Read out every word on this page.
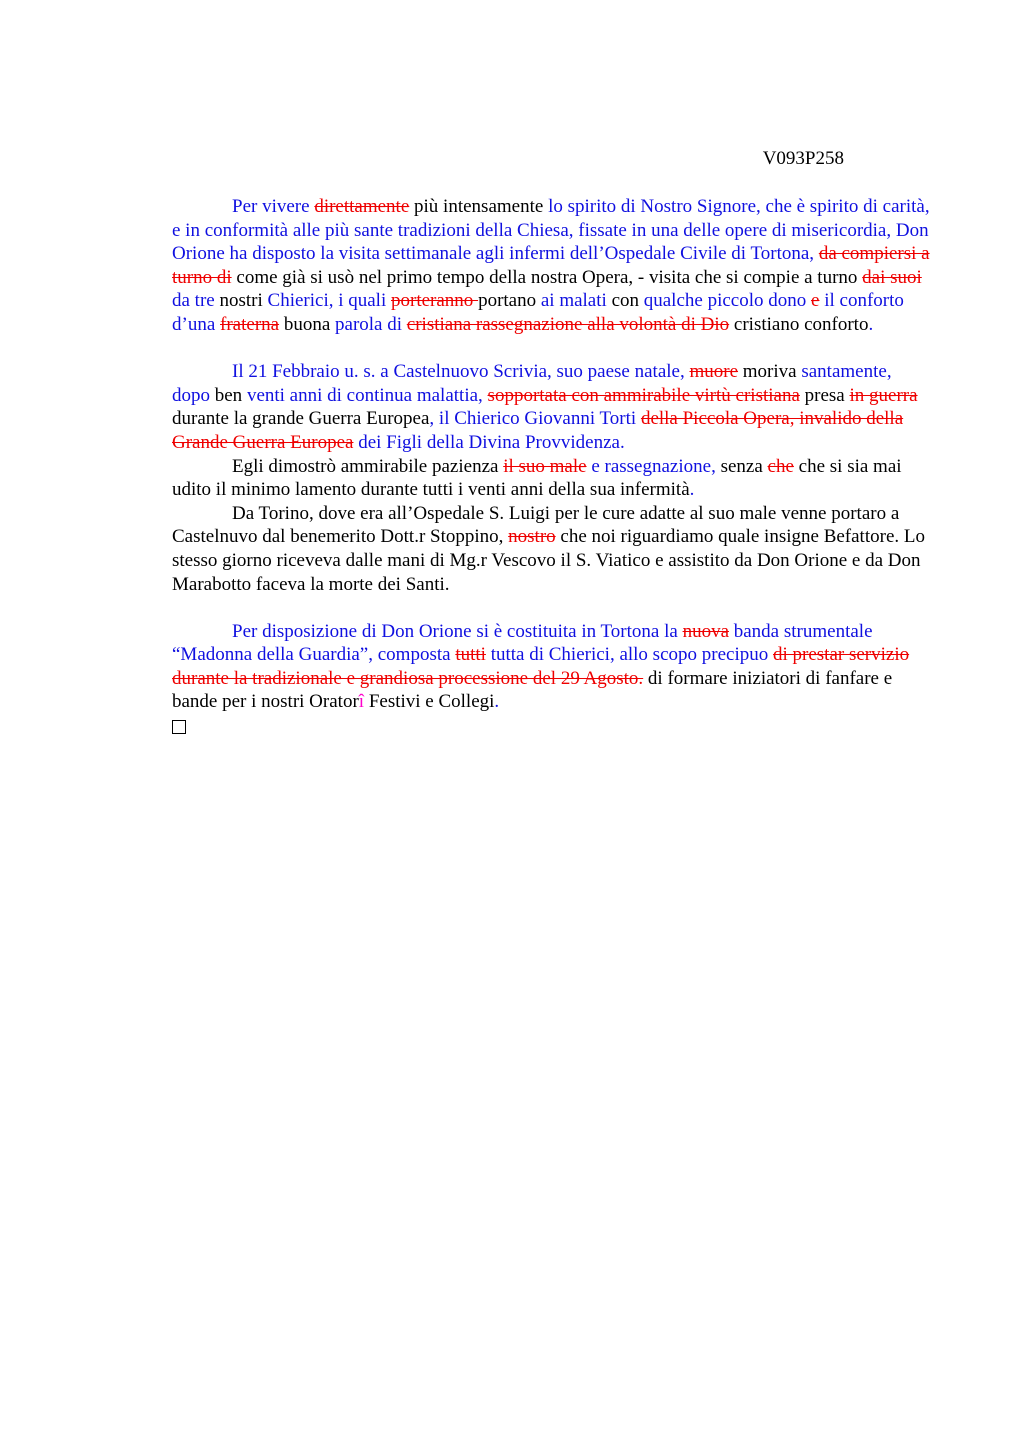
V093P258

Per vivere direttamente più intensamente lo spirito di Nostro Signore, che è spirito di carità, e in conformità alle più sante tradizioni della Chiesa, fissate in una delle opere di misericordia, Don Orione ha disposto la visita settimanale agli infermi dell’Ospedale Civile di Tortona, da compiersi a turno di come già si usò nel primo tempo della nostra Opera, - visita che si compie a turno dai suoi da tre nostri Chierici, i quali porteranno portano ai malati con qualche piccolo dono e il conforto d’una fraterna buona parola di cristiana rassegnazione alla volontà di Dio cristiano conforto.

Il 21 Febbraio u. s. a Castelnuovo Scrivia, suo paese natale, muore moriva santamente, dopo ben venti anni di continua malattia, sopportata con ammirabile virtù cristiana presa in guerra durante la grande Guerra Europea, il Chierico Giovanni Torti della Piccola Opera, invalido della Grande Guerra Europea dei Figli della Divina Provvidenza.

Egli dimostrò ammirabile pazienza il suo male e rassegnazione, senza che che si sia mai udito il minimo lamento durante tutti i venti anni della sua infermità.

Da Torino, dove era all’Ospedale S. Luigi per le cure adatte al suo male venne portaro a Castelnuvo dal benemerito Dott.r Stoppino, nostro che noi riguardiamo quale insigne Befattore. Lo stesso giorno riceveva dalle mani di Mg.r Vescovo il S. Viatico e assistito da Don Orione e da Don Marabotto faceva la morte dei Santi.

Per disposizione di Don Orione si è costituita in Tortona la nuova banda strumentale “Madonna della Guardia”, composta tutti tutta di Chierici, allo scopo precipuo di prestar servizio durante la tradizionale e grandiosa processione del 29 Agosto. di formare iniziatori di fanfare e bande per i nostri Oratorî Festivi e Collegi.
